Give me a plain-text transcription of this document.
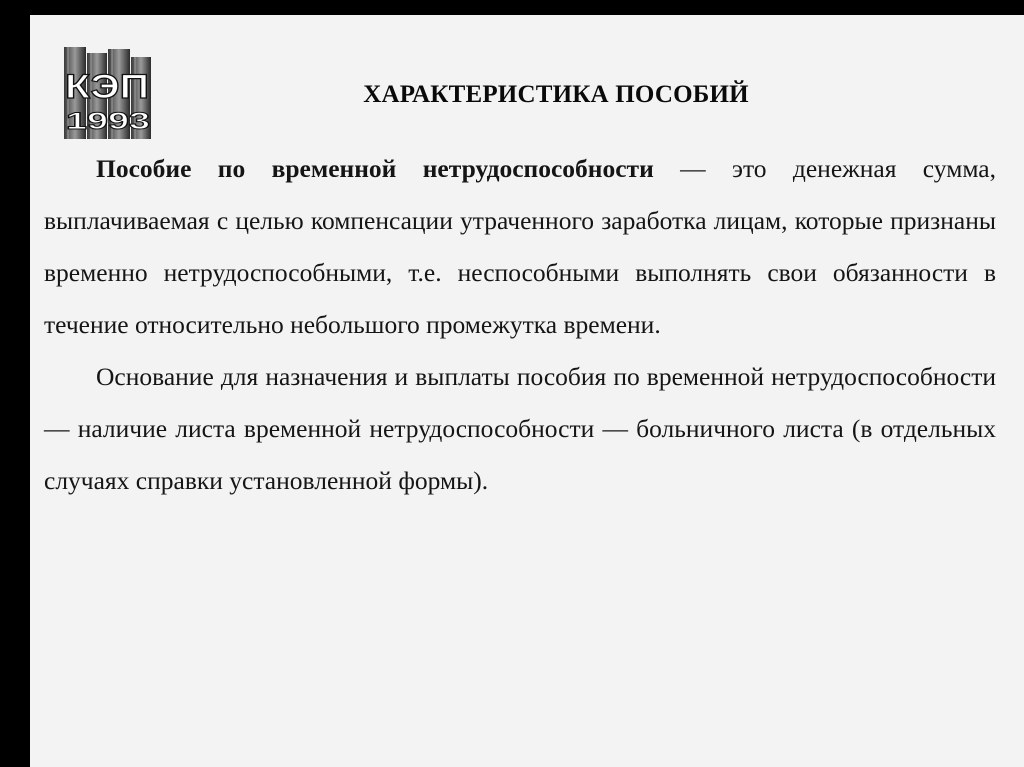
КЭП
1993
ХАРАКТЕРИСТИКА ПОСОБИЙ

Пособие по временной нетрудоспособности — это денежная сумма, выплачиваемая с целью компенсации утраченного заработка лицам, которые признаны временно нетрудоспособными, т.е. неспособными выполнять свои обязанности в течение относительно небольшого промежутка времени.

Основание для назначения и выплаты пособия по временной нетрудоспособности — наличие листа временной нетрудоспособности — больничного листа (в отдельных случаях справки установленной формы).
